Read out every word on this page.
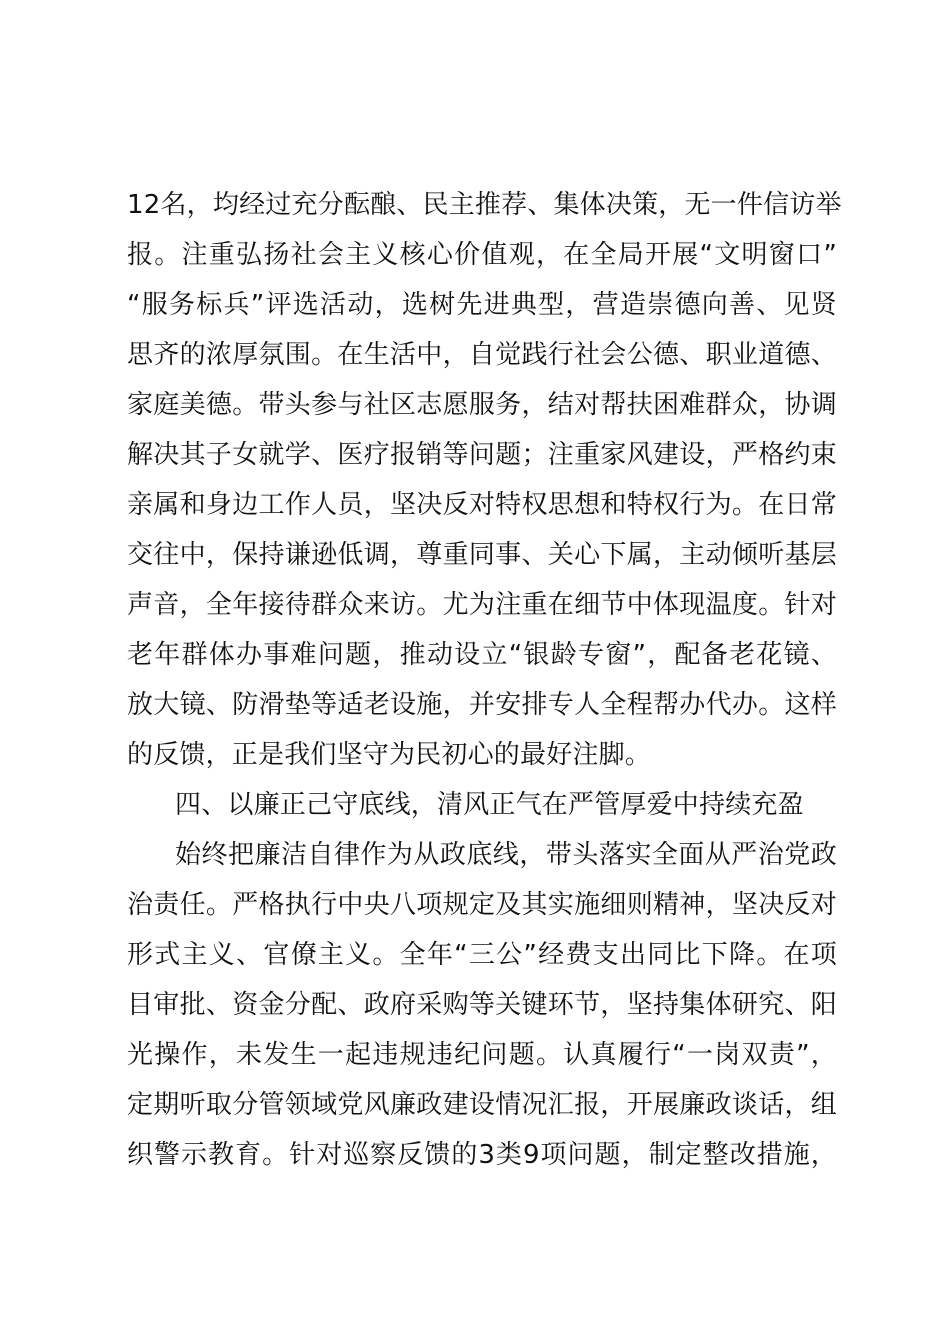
12名，均经过充分酝酿、民主推荐、集体决策，无一件信访举
报。注重弘扬社会主义核心价值观，在全局开展“文明窗口”
“服务标兵”评选活动，选树先进典型，营造崇德向善、见贤
思齐的浓厚氛围。在生活中，自觉践行社会公德、职业道德、
家庭美德。带头参与社区志愿服务，结对帮扶困难群众，协调
解决其子女就学、医疗报销等问题；注重家风建设，严格约束
亲属和身边工作人员，坚决反对特权思想和特权行为。在日常
交往中，保持谦逊低调，尊重同事、关心下属，主动倾听基层
声音，全年接待群众来访。尤为注重在细节中体现温度。针对
老年群体办事难问题，推动设立“银龄专窗”，配备老花镜、
放大镜、防滑垫等适老设施，并安排专人全程帮办代办。这样
的反馈，正是我们坚守为民初心的最好注脚。
四、以廉正己守底线，清风正气在严管厚爱中持续充盈
始终把廉洁自律作为从政底线，带头落实全面从严治党政
治责任。严格执行中央八项规定及其实施细则精神，坚决反对
形式主义、官僚主义。全年“三公”经费支出同比下降。在项
目审批、资金分配、政府采购等关键环节，坚持集体研究、阳
光操作，未发生一起违规违纪问题。认真履行“一岗双责”，
定期听取分管领域党风廉政建设情况汇报，开展廉政谈话，组
织警示教育。针对巡察反馈的3类9项问题，制定整改措施，
